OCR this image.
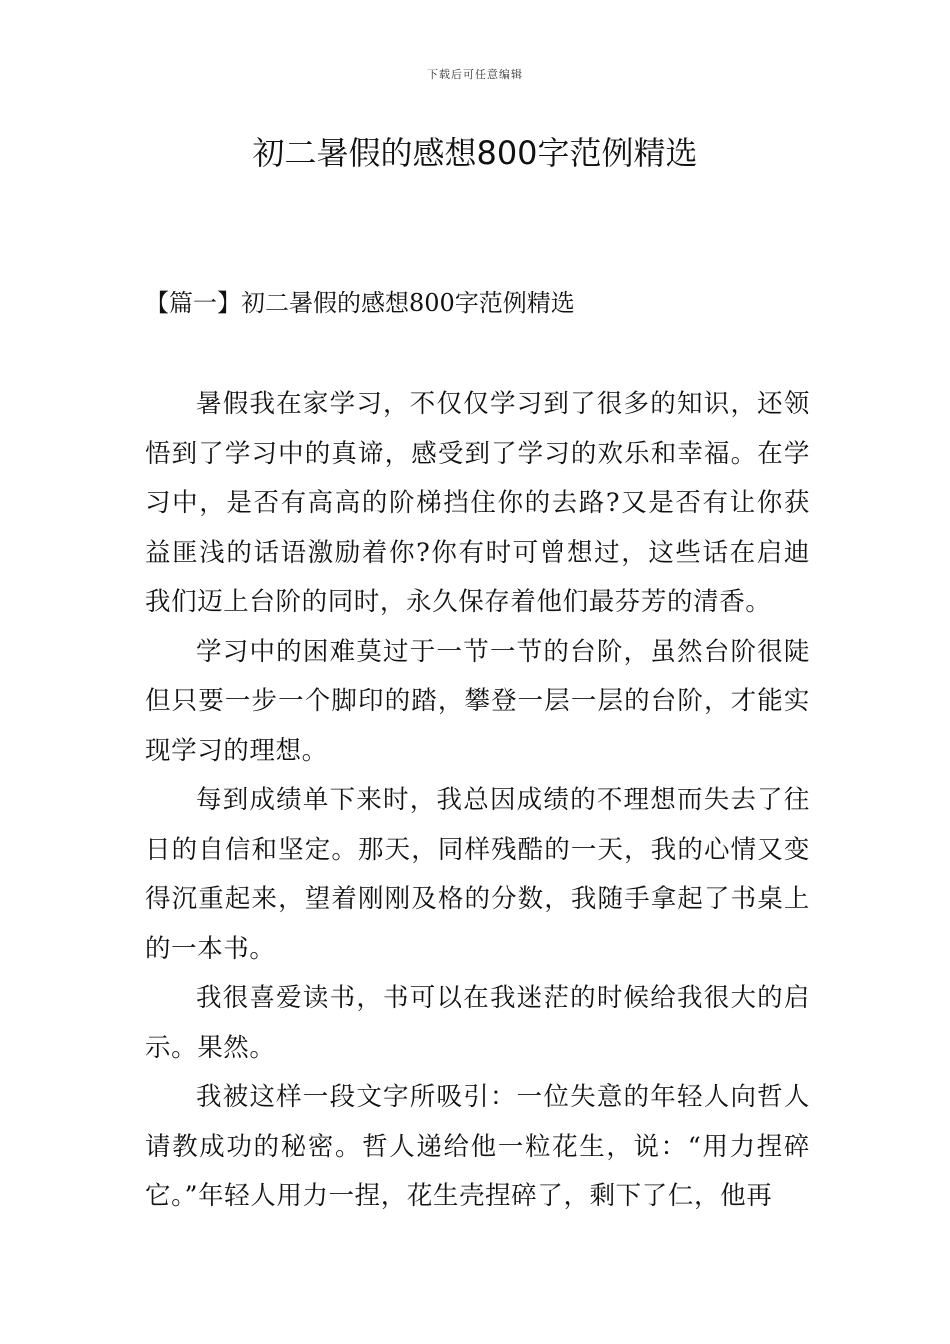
下载后可任意编辑
初二暑假的感想800字范例精选
【篇一】初二暑假的感想800字范例精选

暑假我在家学习，不仅仅学习到了很多的知识，还领悟到了学习中的真谛，感受到了学习的欢乐和幸福。在学习中，是否有高高的阶梯挡住你的去路?又是否有让你获益匪浅的话语激励着你?你有时可曾想过，这些话在启迪我们迈上台阶的同时，永久保存着他们最芬芳的清香。

学习中的困难莫过于一节一节的台阶，虽然台阶很陡但只要一步一个脚印的踏，攀登一层一层的台阶，才能实现学习的理想。

每到成绩单下来时，我总因成绩的不理想而失去了往日的自信和坚定。那天，同样残酷的一天，我的心情又变得沉重起来，望着刚刚及格的分数，我随手拿起了书桌上的一本书。

我很喜爱读书，书可以在我迷茫的时候给我很大的启示。果然。

我被这样一段文字所吸引：一位失意的年轻人向哲人请教成功的秘密。哲人递给他一粒花生，说：“用力捏碎它。”年轻人用力一捏，花生壳捏碎了，剩下了仁，他再
